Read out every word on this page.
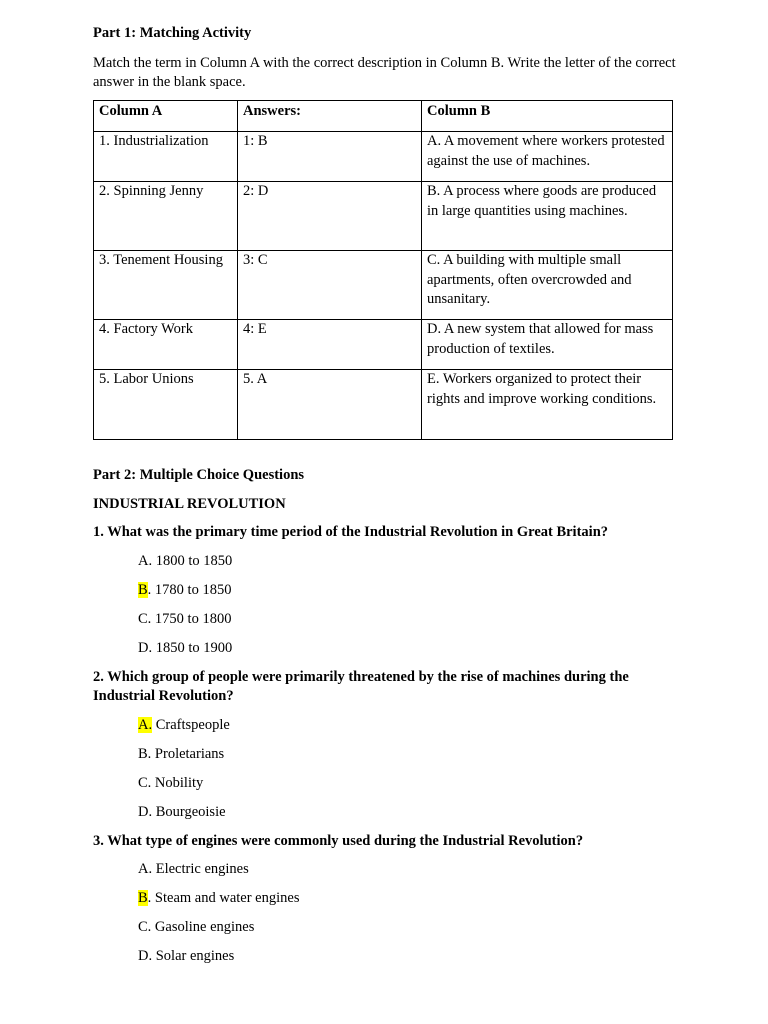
Part 1: Matching Activity

Match the term in Column A with the correct description in Column B. Write the letter of the correct answer in the blank space.

Column A	Answers:	Column B
1. Industrialization	1: B	A. A movement where workers protested against the use of machines.
2. Spinning Jenny	2: D	B. A process where goods are produced in large quantities using machines.
3. Tenement Housing	3: C	C. A building with multiple small apartments, often overcrowded and unsanitary.
4. Factory Work	4: E	D. A new system that allowed for mass production of textiles.
5. Labor Unions	5. A	E. Workers organized to protect their rights and improve working conditions.

Part 2: Multiple Choice Questions

INDUSTRIAL REVOLUTION

1. What was the primary time period of the Industrial Revolution in Great Britain?

A. 1800 to 1850
B. 1780 to 1850
C. 1750 to 1800
D. 1850 to 1900

2. Which group of people were primarily threatened by the rise of machines during the Industrial Revolution?

A. Craftspeople
B. Proletarians
C. Nobility
D. Bourgeoisie

3. What type of engines were commonly used during the Industrial Revolution?

A. Electric engines
B. Steam and water engines
C. Gasoline engines
D. Solar engines
